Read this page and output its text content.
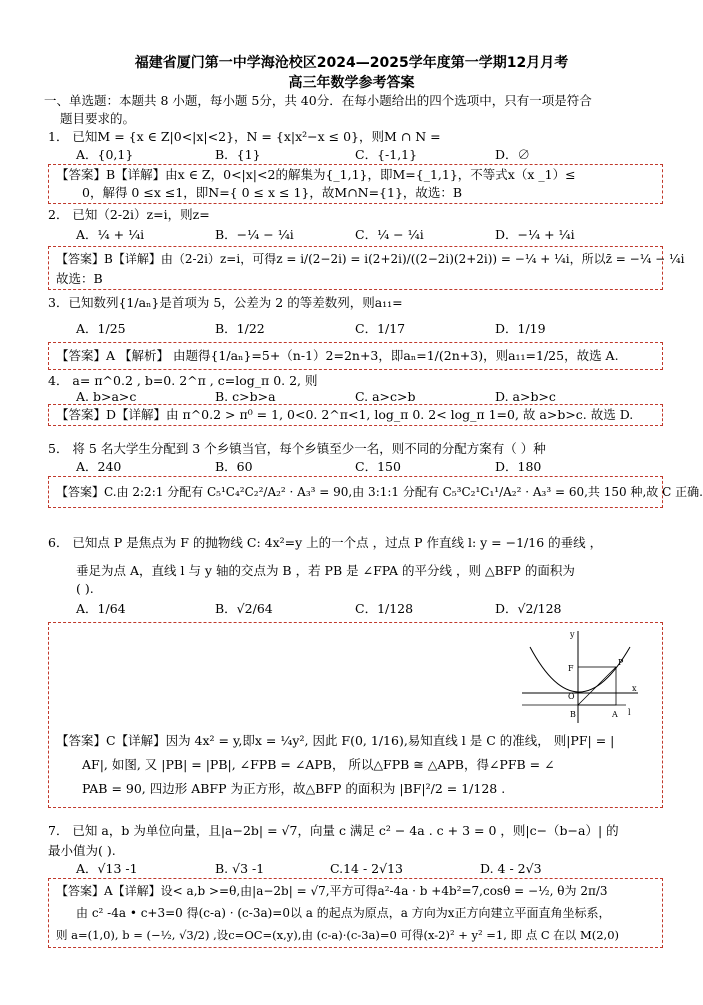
福建省厦门第一中学海沧校区2024—2025学年度第一学期12月月考
高三年数学参考答案
一、单选题：本题共 8 小题，每小题 5分，共 40分．在每小题给出的四个选项中，只有一项是符合
题目要求的。
1． 已知M = {x ∈ Z|0<|x|<2}，N = {x|x²−x ≤ 0}，则M ∩ N =
A．{0,1}	B．{1}	C．{-1,1}	D．∅
【答案】B【详解】由x ∈ Z，0<|x|<2的解集为{_1,1}，即M={_1,1}，不等式x（x _1）≤
0，解得 0 ≤x ≤1，即N={ 0 ≤ x ≤ 1}，故M∩N={1}，故选：B
2． 已知（2-2i）z=i，则z=
A．¼ + ¼i	B．−¼ − ¼i	C．¼ − ¼i	D．−¼ + ¼i
【答案】B【详解】由（2-2i）z=i，可得z = i/(2−2i) = i(2+2i)/((2−2i)(2+2i)) = −¼ + ¼i，所以z̄ = −¼ − ¼i
故选：B
3．已知数列{1/aₙ}是首项为 5，公差为 2 的等差数列，则a₁₁=
A．1/25	B．1/22	C．1/17	D．1/19
【答案】A 【解析】 由题得{1/aₙ}=5+（n-1）2=2n+3，即aₙ=1/(2n+3)，则a₁₁=1/25，故选 A.
4． a= π^0.2 , b=0. 2^π , c=log_π 0. 2, 则
A. b>a>c	B. c>b>a	C. a>c>b	D. a>b>c
【答案】D【详解】由 π^0.2 > π⁰ = 1, 0<0. 2^π<1, log_π 0. 2< log_π 1=0, 故 a>b>c. 故选 D.
5． 将 5 名大学生分配到 3 个乡镇当官，每个乡镇至少一名，则不同的分配方案有（ ）种
A．240	B．60	C．150	D．180
【答案】C.由 2:2:1 分配有 C₅¹C₄²C₂²/A₂² · A₃³ = 90,由 3:1:1 分配有 C₅³C₂¹C₁¹/A₂² · A₃³ = 60,共 150 种,故 C 正确.
6． 已知点 P 是焦点为 F 的抛物线 C: 4x²=y 上的一个点 ，过点 P 作直线 l: y = −1/16 的垂线 ，
垂足为点 A，直线 l 与 y 轴的交点为 B ，若 PB 是 ∠FPA 的平分线 ，则 △BFP 的面积为
( ).
A．1/64	B．√2/64	C．1/128	D．√2/128
y
x
F
P
O
B	A l
【答案】C【详解】因为 4x² = y,即x = ¼y², 因此 F(0, 1/16),易知直线 l 是 C 的准线， 则|PF| = |
AF|, 如图, 又 |PB| = |PB|, ∠FPB = ∠APB， 所以△FPB ≅ △APB，得∠PFB = ∠
PAB = 90, 四边形 ABFP 为正方形，故△BFP 的面积为 |BF|²/2 = 1/128 .
7． 已知 a，b 为单位向量，且|a−2b| = √7，向量 c 满足 c² − 4a . c + 3 = 0 ，则|c−（b−a）| 的
最小值为( ).
A．√13 -1	B. √3 -1	C.14 - 2√13	D. 4 - 2√3
【答案】A【详解】设< a,b >=θ,由|a−2b| = √7,平方可得a²-4a · b +4b²=7,cosθ = −½, θ为 2π/3
由 c² -4a • c+3=0 得(c-a) · (c-3a)=0以 a 的起点为原点，a 方向为x正方向建立平面直角坐标系，
则 a=(1,0), b = (−½, √3/2) ,设c=OC=(x,y),由 (c-a)·(c-3a)=0 可得(x-2)² + y² =1, 即 点 C 在以 M(2,0)
